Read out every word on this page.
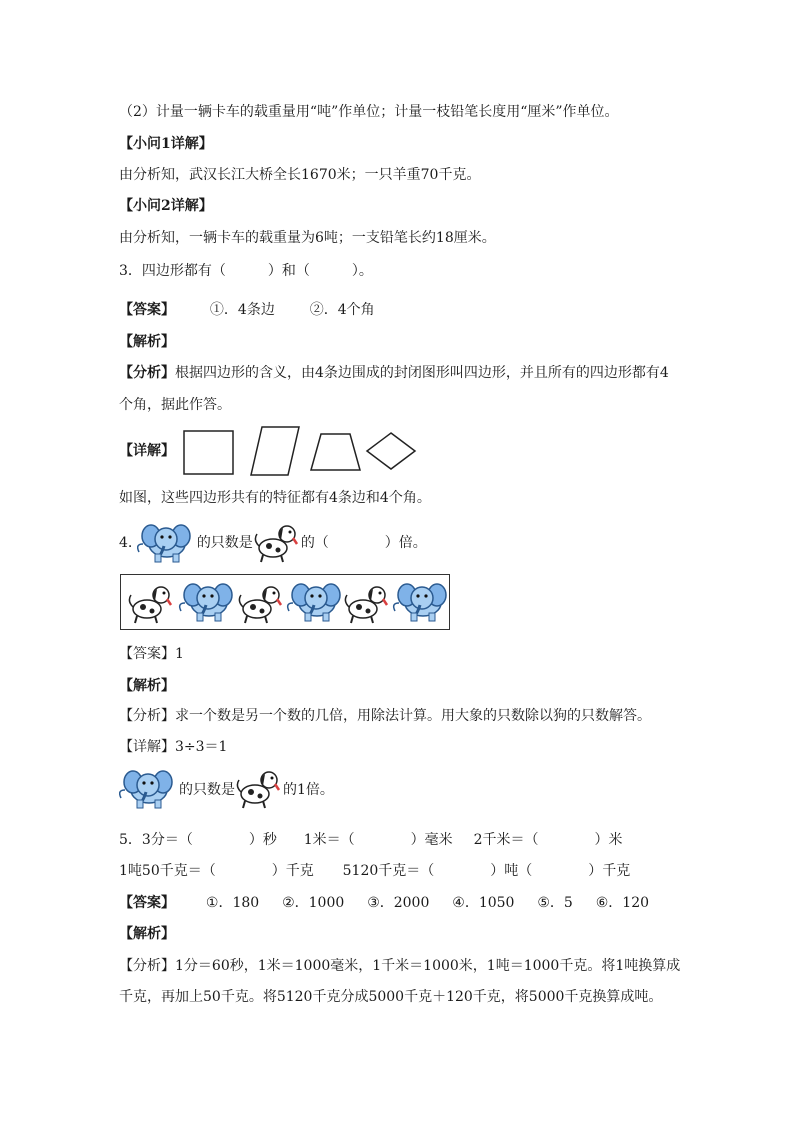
（2）计量一辆卡车的载重量用“吨”作单位；计量一枝铅笔长度用“厘米”作单位。
【小问1详解】
由分析知，武汉长江大桥全长1670米；一只羊重70千克。
【小问2详解】
由分析知，一辆卡车的载重量为6吨；一支铅笔长约18厘米。
3．四边形都有（　　　）和（　　　）。
【答案】 ①．4条边 ②．4个角
【解析】
【分析】根据四边形的含义，由4条边围成的封闭图形叫四边形，并且所有的四边形都有4
个角，据此作答。
【详解】
如图，这些四边形共有的特征都有4条边和4个角。
4.	的只数是	的（　　　　）倍。
【答案】1
【解析】
【分析】求一个数是另一个数的几倍，用除法计算。用大象的只数除以狗的只数解答。
【详解】3÷3＝1
的只数是	的1倍。
5．3分＝（　　　　）秒 1米＝（　　　　）毫米 2千米＝（　　　　）米
1吨50千克＝（　　　　）千克 5120千克＝（　　　　）吨（　　　　）千克
【答案】 ①．180 ②．1000 ③．2000 ④．1050 ⑤．5 ⑥．120
【解析】
【分析】1分＝60秒，1米＝1000毫米，1千米＝1000米，1吨＝1000千克。将1吨换算成
千克，再加上50千克。将5120千克分成5000千克＋120千克，将5000千克换算成吨。
